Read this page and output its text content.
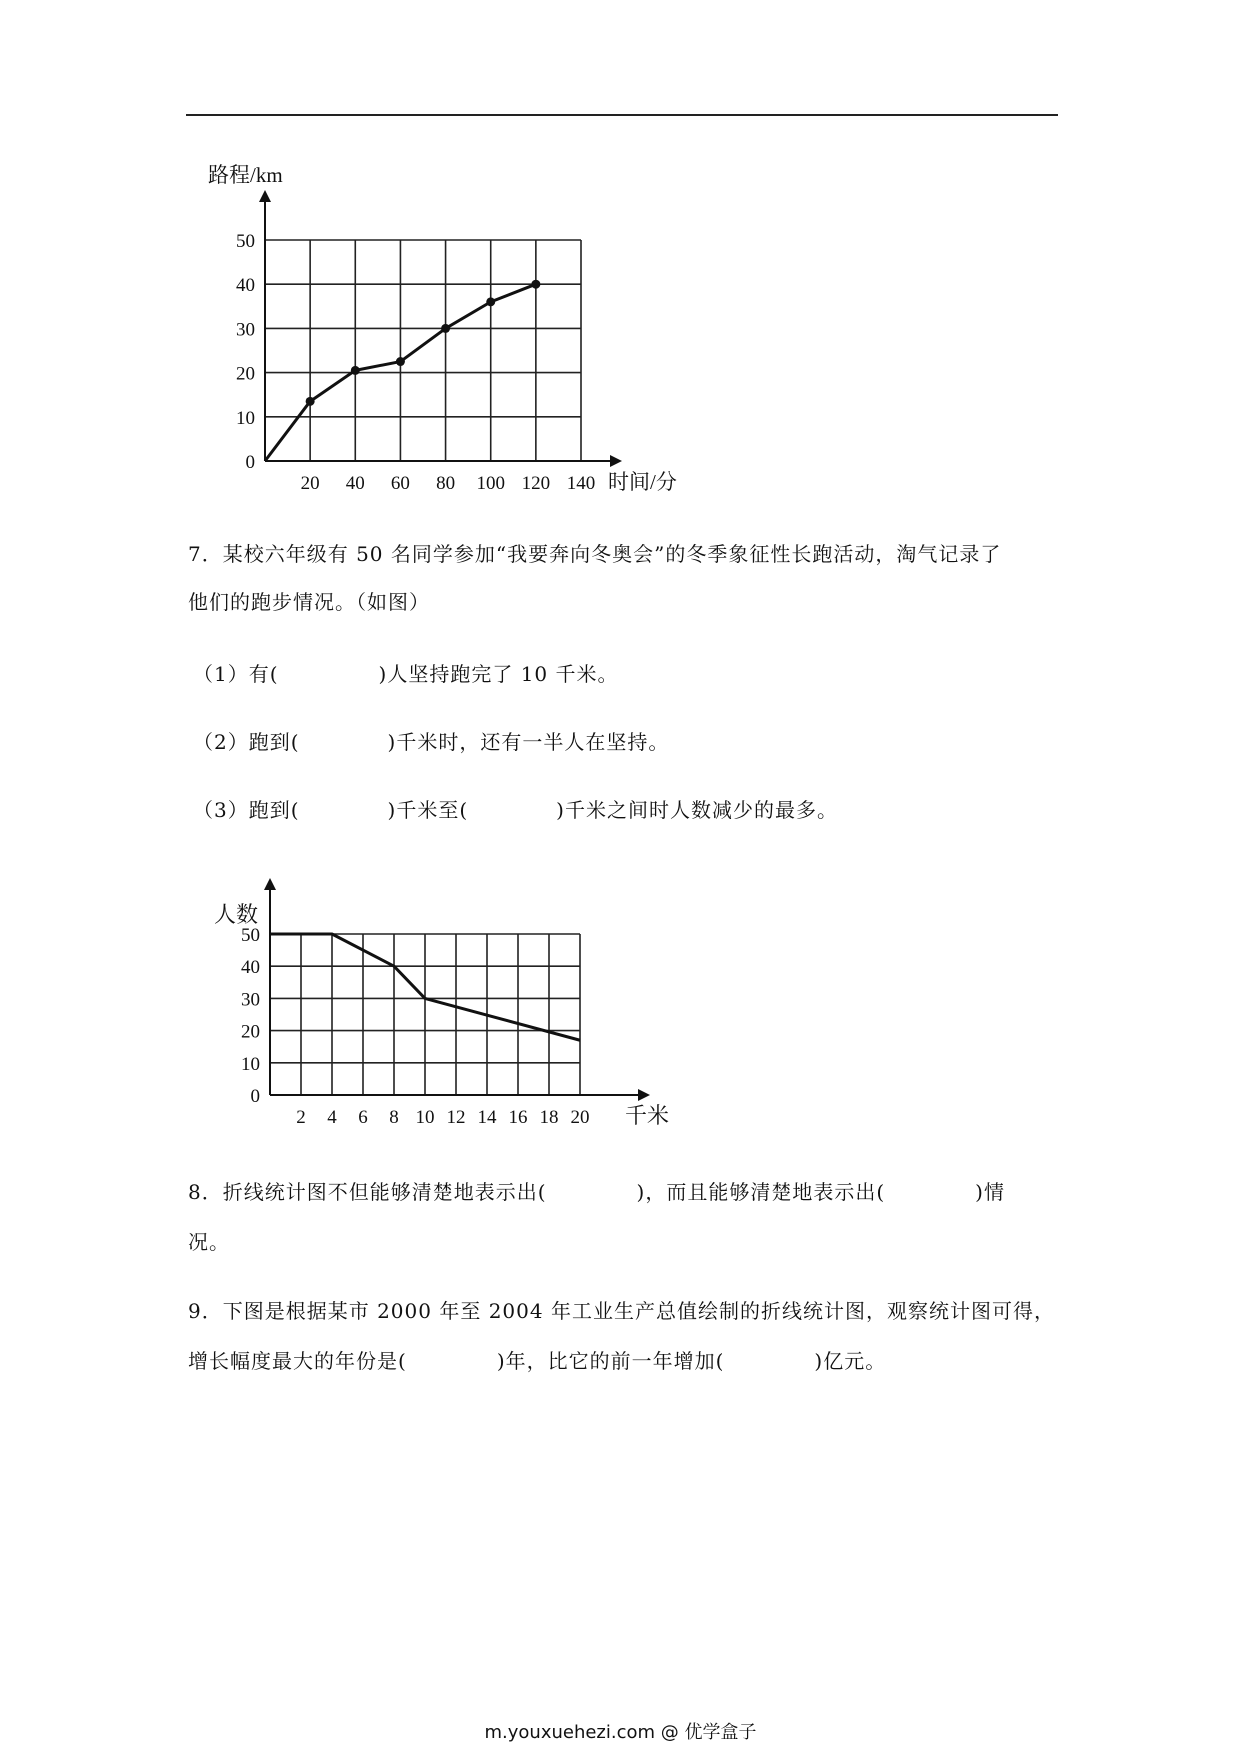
0
10
20
30
40
50
20 40 60 80 100 120 140
路程/km
时间/分
7．某校六年级有 50 名同学参加“我要奔向冬奥会”的冬季象征性长跑活动，淘气记录了
他们的跑步情况。（如图）
（1）有(	)人坚持跑完了 10 千米。
（2）跑到(	)千米时，还有一半人在坚持。
（3）跑到(	)千米至(	)千米之间时人数减少的最多。
0
10
20
30
40
50
2 4 6 8 10 12 14 16 18 20
人数
千米
8．折线统计图不但能够清楚地表示出(	)，而且能够清楚地表示出(	)情
况。
9．下图是根据某市 2000 年至 2004 年工业生产总值绘制的折线统计图，观察统计图可得，
增长幅度最大的年份是(	)年，比它的前一年增加(	)亿元。
m.youxuehezi.com @ 优学盒子
